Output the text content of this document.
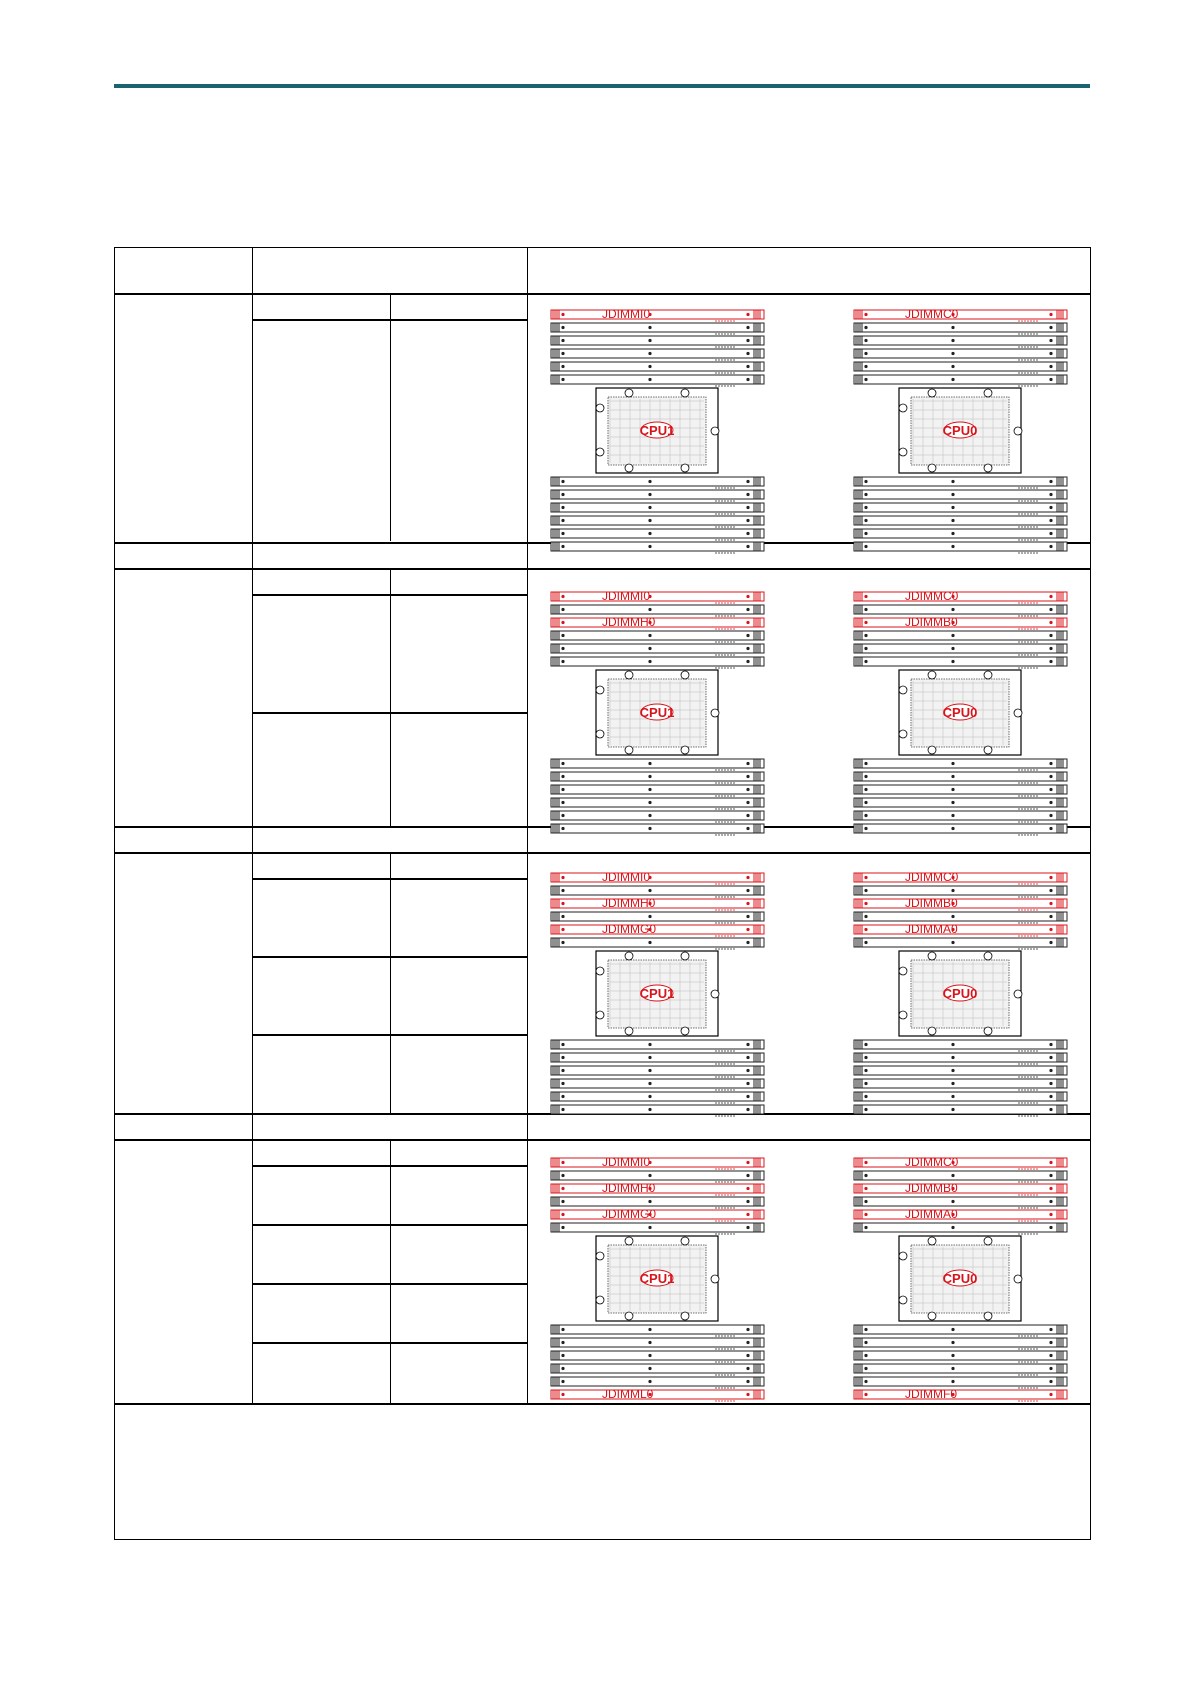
JDIMMI0
CPU1
JDIMMC0
CPU0
JDIMMI0
JDIMMH0
CPU1
JDIMMC0
JDIMMB0
CPU0
JDIMMI0
JDIMMH0
JDIMMG0
CPU1
JDIMMC0
JDIMMB0
JDIMMA0
CPU0
JDIMMI0
JDIMMH0
JDIMMG0
JDIMML0
CPU1
JDIMMC0
JDIMMB0
JDIMMA0
JDIMMF0
CPU0
